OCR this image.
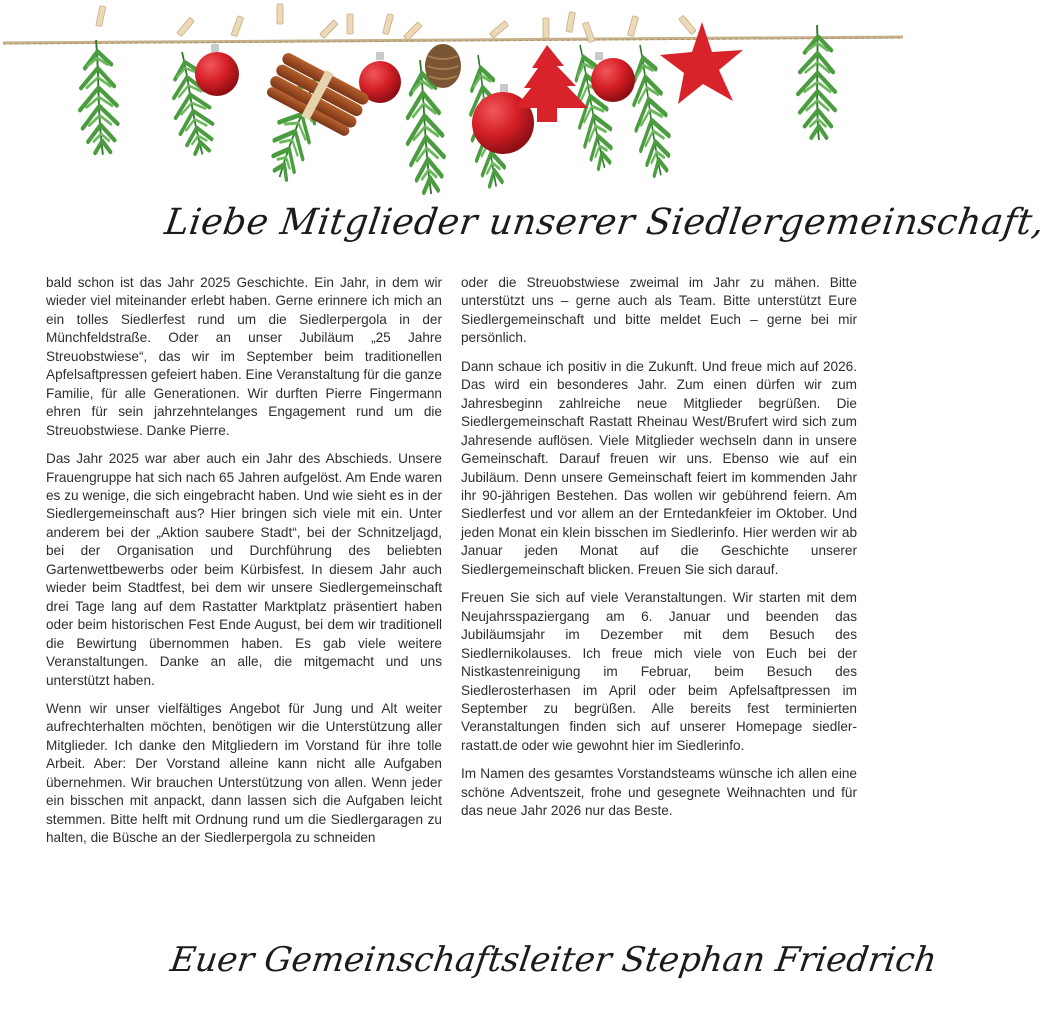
Liebe Mitglieder unserer Siedlergemeinschaft,

bald schon ist das Jahr 2025 Geschichte. Ein Jahr, in dem wir wieder viel miteinander erlebt haben. Gerne erinnere ich mich an ein tolles Siedlerfest rund um die Siedlerpergola in der Münchfeldstraße. Oder an unser Jubiläum „25 Jahre Streuobstwiese“, das wir im September beim traditionellen Apfelsaftpressen gefeiert haben. Eine Veranstaltung für die ganze Familie, für alle Generationen. Wir durften Pierre Fingermann ehren für sein jahrzehntelanges Engagement rund um die Streuobstwiese. Danke Pierre.

Das Jahr 2025 war aber auch ein Jahr des Abschieds. Unsere Frauengruppe hat sich nach 65 Jahren aufgelöst. Am Ende waren es zu wenige, die sich eingebracht haben. Und wie sieht es in der Siedlergemeinschaft aus? Hier bringen sich viele mit ein. Unter anderem bei der „Aktion saubere Stadt“, bei der Schnitzeljagd, bei der Organisation und Durchführung des beliebten Gartenwettbewerbs oder beim Kürbisfest. In diesem Jahr auch wieder beim Stadtfest, bei dem wir unsere Siedlergemeinschaft drei Tage lang auf dem Rastatter Marktplatz präsentiert haben oder beim historischen Fest Ende August, bei dem wir traditionell die Bewirtung übernommen haben. Es gab viele weitere Veranstaltungen. Danke an alle, die mitgemacht und uns unterstützt haben.

Wenn wir unser vielfältiges Angebot für Jung und Alt weiter aufrechterhalten möchten, benötigen wir die Unterstützung aller Mitglieder. Ich danke den Mitgliedern im Vorstand für ihre tolle Arbeit. Aber: Der Vorstand alleine kann nicht alle Aufgaben übernehmen. Wir brauchen Unterstützung von allen. Wenn jeder ein bisschen mit anpackt, dann lassen sich die Aufgaben leicht stemmen. Bitte helft mit Ordnung rund um die Siedlergaragen zu halten, die Büsche an der Siedlerpergola zu schneiden

oder die Streuobstwiese zweimal im Jahr zu mähen. Bitte unterstützt uns – gerne auch als Team. Bitte unterstützt Eure Siedlergemeinschaft und bitte meldet Euch – gerne bei mir persönlich.

Dann schaue ich positiv in die Zukunft. Und freue mich auf 2026. Das wird ein besonderes Jahr. Zum einen dürfen wir zum Jahresbeginn zahlreiche neue Mitglieder begrüßen. Die Siedlergemeinschaft Rastatt Rheinau West/Brufert wird sich zum Jahresende auflösen. Viele Mitglieder wechseln dann in unsere Gemeinschaft. Darauf freuen wir uns. Ebenso wie auf ein Jubiläum. Denn unsere Gemeinschaft feiert im kommenden Jahr ihr 90-jährigen Bestehen. Das wollen wir gebührend feiern. Am Siedlerfest und vor allem an der Erntedankfeier im Oktober. Und jeden Monat ein klein bisschen im Siedlerinfo. Hier werden wir ab Januar jeden Monat auf die Geschichte unserer Siedlergemeinschaft blicken. Freuen Sie sich darauf.

Freuen Sie sich auf viele Veranstaltungen. Wir starten mit dem Neujahrsspaziergang am 6. Januar und beenden das Jubiläumsjahr im Dezember mit dem Besuch des Siedlernikolauses. Ich freue mich viele von Euch bei der Nistkastenreinigung im Februar, beim Besuch des Siedlerosterhasen im April oder beim Apfelsaftpressen im September zu begrüßen. Alle bereits fest terminierten Veranstaltungen finden sich auf unserer Homepage siedler-rastatt.de oder wie gewohnt hier im Siedlerinfo.

Im Namen des gesamtes Vorstandsteams wünsche ich allen eine schöne Adventszeit, frohe und gesegnete Weihnachten und für das neue Jahr 2026 nur das Beste.

Euer Gemeinschaftsleiter Stephan Friedrich
